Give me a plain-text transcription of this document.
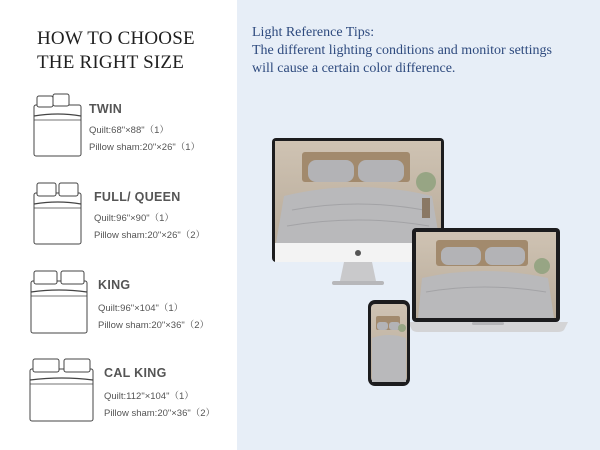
HOW TO CHOOSE
THE RIGHT SIZE
TWIN
Quilt:68"×88"（1）
Pillow sham:20"×26"（1）
FULL/ QUEEN
Quilt:96"×90"（1）
Pillow sham:20"×26"（2）
KING
Quilt:96"×104"（1）
Pillow sham:20"×36"（2）
CAL KING
Quilt:112"×104"（1）
Pillow sham:20"×36"（2）
Light Reference Tips:
The different lighting conditions and monitor settings
will cause a certain color difference.
